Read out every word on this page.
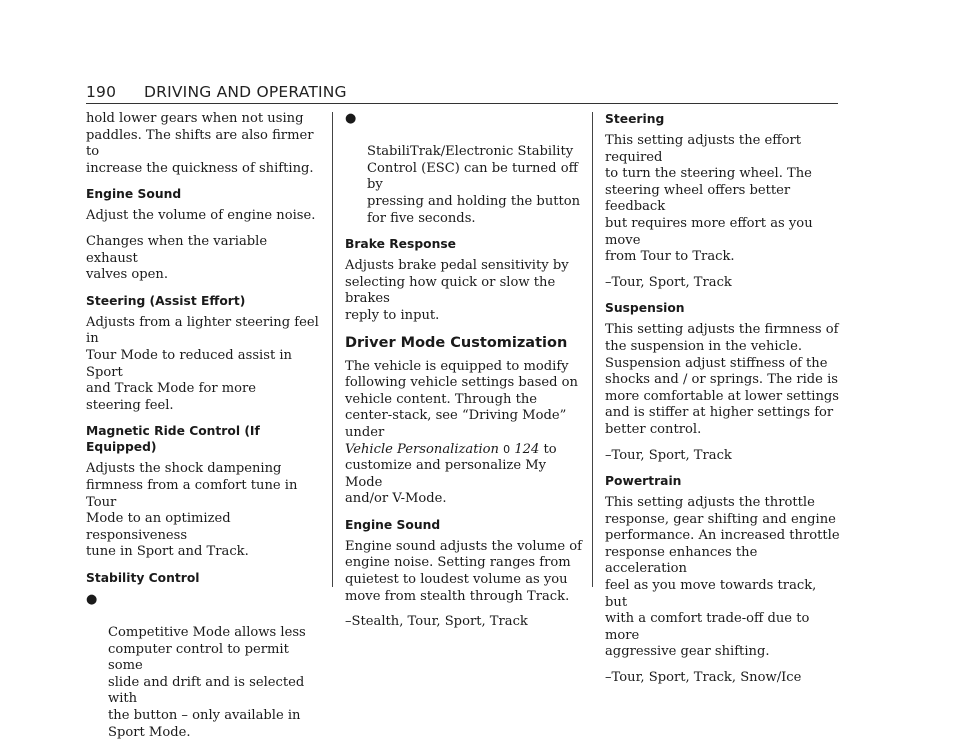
190 DRIVING AND OPERATING

hold lower gears when not using
paddles. The shifts are also firmer to
increase the quickness of shifting.

Engine Sound

Adjust the volume of engine noise.

Changes when the variable exhaust
valves open.

Steering (Assist Effort)

Adjusts from a lighter steering feel in
Tour Mode to reduced assist in Sport
and Track Mode for more
steering feel.

Magnetic Ride Control (If Equipped)

Adjusts the shock dampening
firmness from a comfort tune in Tour
Mode to an optimized responsiveness
tune in Sport and Track.

Stability Control

●

Competitive Mode allows less
computer control to permit some
slide and drift and is selected with
the button – only available in
Sport Mode.

●

StabiliTrak/Electronic Stability
Control (ESC) can be turned off by
pressing and holding the button
for five seconds.

Brake Response

Adjusts brake pedal sensitivity by
selecting how quick or slow the brakes
reply to input.

Driver Mode Customization

The vehicle is equipped to modify
following vehicle settings based on
vehicle content. Through the
center-stack, see “Driving Mode” under
Vehicle Personalization 0 124 to
customize and personalize My Mode
and/or V-Mode.

Engine Sound

Engine sound adjusts the volume of
engine noise. Setting ranges from
quietest to loudest volume as you
move from stealth through Track.

–Stealth, Tour, Sport, Track

Steering

This setting adjusts the effort required
to turn the steering wheel. The
steering wheel offers better feedback
but requires more effort as you move
from Tour to Track.

–Tour, Sport, Track

Suspension

This setting adjusts the firmness of
the suspension in the vehicle.
Suspension adjust stiffness of the
shocks and / or springs. The ride is
more comfortable at lower settings
and is stiffer at higher settings for
better control.

–Tour, Sport, Track

Powertrain

This setting adjusts the throttle
response, gear shifting and engine
performance. An increased throttle
response enhances the acceleration
feel as you move towards track, but
with a comfort trade-off due to more
aggressive gear shifting.

–Tour, Sport, Track, Snow/Ice
